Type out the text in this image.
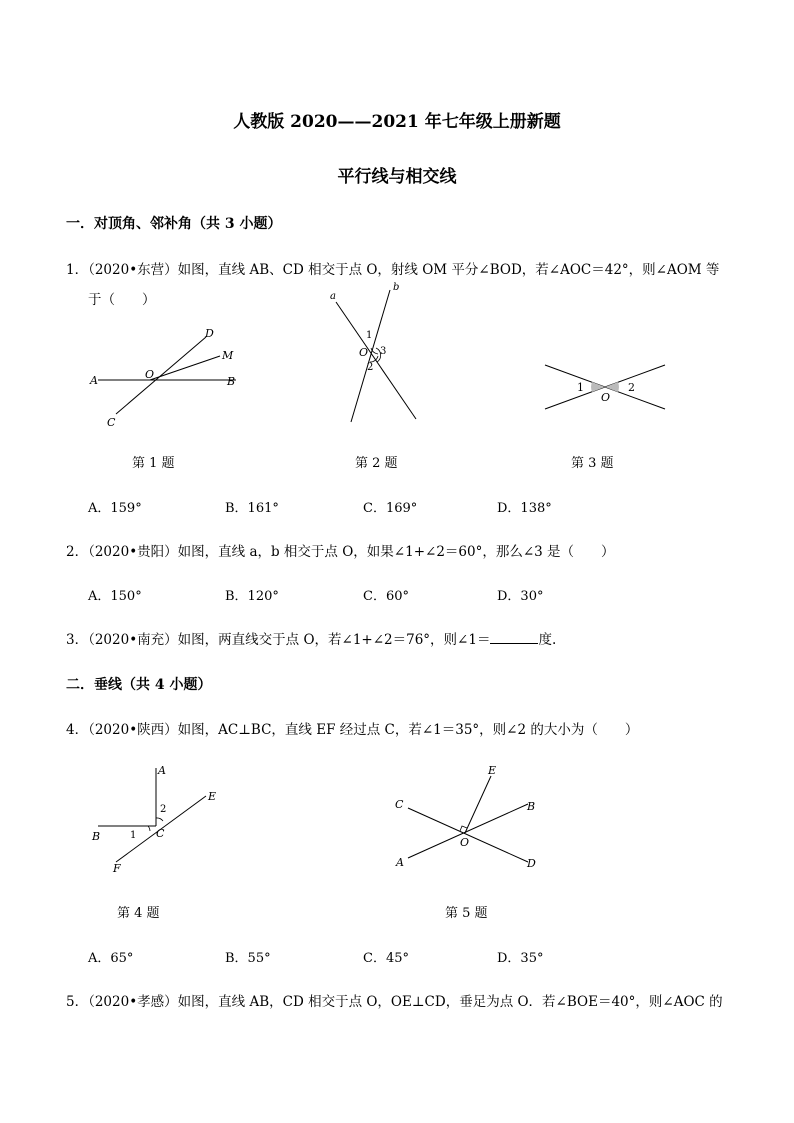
人教版 2020——2021 年七年级上册新题
平行线与相交线
一．对顶角、邻补角（共 3 小题）
1．（2020•东营）如图，直线 AB、CD 相交于点 O，射线 OM 平分∠BOD，若∠AOC＝42°，则∠AOM 等
于（　　）
A	B
C
D
M
O
第 1 题
a
b
O
1
2
3
第 2 题
1	2
O
第 3 题
A．159°	B．161°	C．169°	D．138°
2．（2020•贵阳）如图，直线 a，b 相交于点 O，如果∠1+∠2＝60°，那么∠3 是（　　）
A．150°	B．120°	C．60°	D．30°
3．（2020•南充）如图，两直线交于点 O，若∠1+∠2＝76°，则∠1＝	度.
二．垂线（共 4 小题）
4．（2020•陕西）如图，AC⊥BC，直线 EF 经过点 C，若∠1＝35°，则∠2 的大小为（　　）
A
B	C
E
F
1
2
第 4 题
E
C	B
A	D
O
第 5 题
A．65°	B．55°	C．45°	D．35°
5．（2020•孝感）如图，直线 AB，CD 相交于点 O，OE⊥CD，垂足为点 O．若∠BOE＝40°，则∠AOC 的
